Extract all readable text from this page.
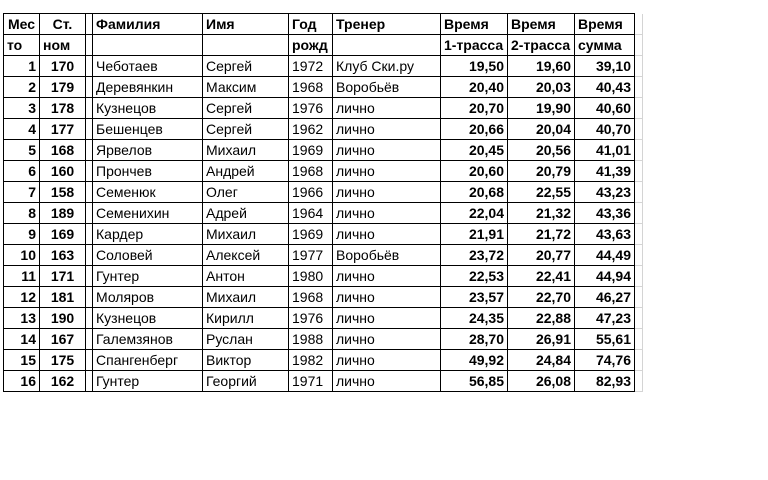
Мес	Ст.		Фамилия	Имя	Год	Тренер	Время	Время	Время	
то	ном				рожд		1-трасса	2-трасса	сумма	
1	170		Чеботаев	Сергей	1972	Клуб Ски.ру	19,50	19,60	39,10	
2	179		Деревянкин	Максим	1968	Воробьёв	20,40	20,03	40,43	
3	178		Кузнецов	Сергей	1976	лично	20,70	19,90	40,60	
4	177		Бешенцев	Сергей	1962	лично	20,66	20,04	40,70	
5	168		Ярвелов	Михаил	1969	лично	20,45	20,56	41,01	
6	160		Прончев	Андрей	1968	лично	20,60	20,79	41,39	
7	158		Семенюк	Олег	1966	лично	20,68	22,55	43,23	
8	189		Семенихин	Адрей	1964	лично	22,04	21,32	43,36	
9	169		Кардер	Михаил	1969	лично	21,91	21,72	43,63	
10	163		Соловей	Алексей	1977	Воробьёв	23,72	20,77	44,49	
11	171		Гунтер	Антон	1980	лично	22,53	22,41	44,94	
12	181		Моляров	Михаил	1968	лично	23,57	22,70	46,27	
13	190		Кузнецов	Кирилл	1976	лично	24,35	22,88	47,23	
14	167		Галемзянов	Руслан	1988	лично	28,70	26,91	55,61	
15	175		Спангенберг	Виктор	1982	лично	49,92	24,84	74,76	
16	162		Гунтер	Георгий	1971	лично	56,85	26,08	82,93	
